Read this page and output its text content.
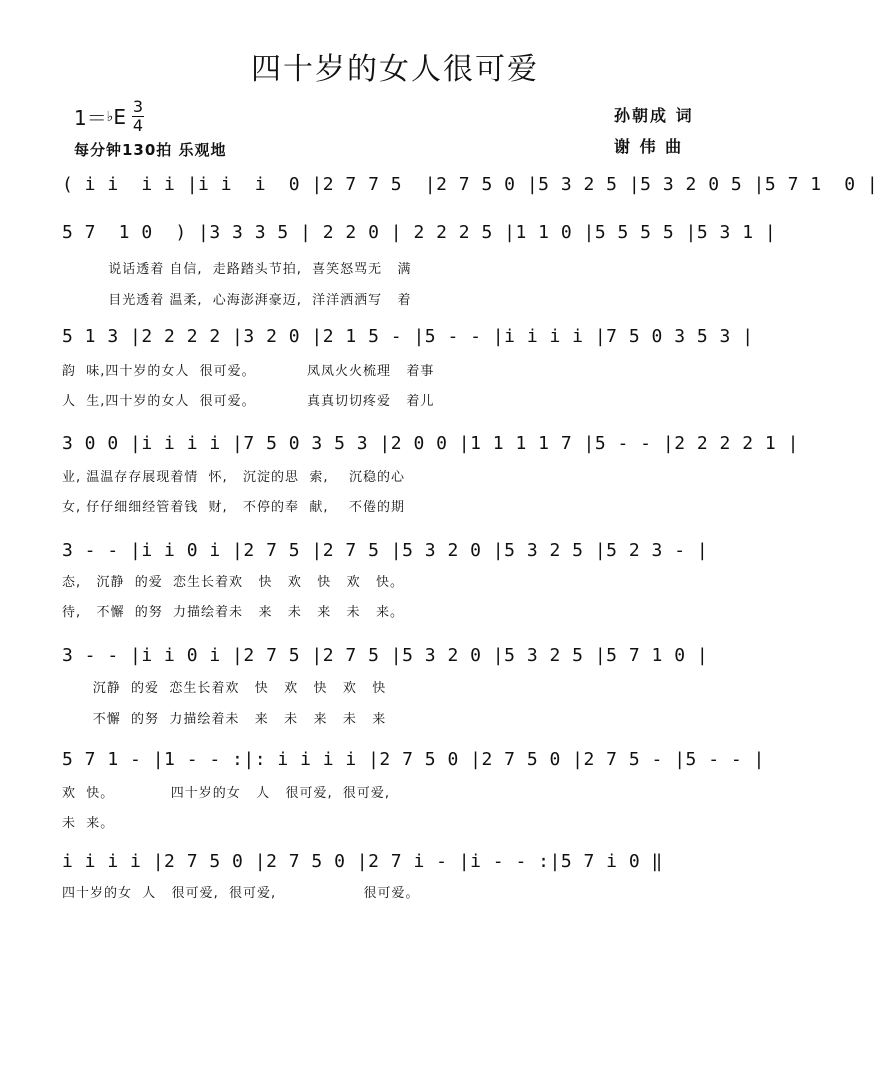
四十岁的女人很可爱
1＝ ♭ E $\frac{3}{4}$
每分钟130拍 乐观地
孙朝成 词
谢 伟 曲
( i i  i i |i i  i  0 |2 7 7 5  |2 7 5 0 |5 3 2 5 |5 3 2 0 5 |5 7 1  0 |
5 7  1 0  ) |3 3 3 5 | 2 2 0 | 2 2 2 5 |1 1 0 |5 5 5 5 |5 3 1 |
说话透着 自信,  走路踏头节拍,  喜笑怒骂无   满
目光透着 温柔,  心海澎湃豪迈,  洋洋洒洒写   着
5 1 3 |2 2 2 2 |3 2 0 |2 1 5 - |5 - - |i i i i |7 5 0 3 5 3 |
韵  味,四十岁的女人  很可爱。          凤凤火火梳理   着事
人  生,四十岁的女人  很可爱。          真真切切疼爱   着儿
3 0 0 |i i i i |7 5 0 3 5 3 |2 0 0 |1 1 1 1 7 |5 - - |2 2 2 2 1 |
业, 温温存存展现着情  怀,   沉淀的思  索,    沉稳的心
女, 仔仔细细经管着钱  财,   不停的奉  献,    不倦的期
3 - - |i i 0 i |2 7 5 |2 7 5 |5 3 2 0 |5 3 2 5 |5 2 3 - |
态,   沉静  的爱  恋生长着欢   快   欢   快   欢   快。
待,   不懈  的努  力描绘着未   来   未   来   未   来。
3 - - |i i 0 i |2 7 5 |2 7 5 |5 3 2 0 |5 3 2 5 |5 7 1 0 |
沉静  的爱  恋生长着欢   快   欢   快   欢   快
不懈  的努  力描绘着未   来   未   来   未   来
5 7 1 - |1 - - :|: i i i i |2 7 5 0 |2 7 5 0 |2 7 5 - |5 - - |
欢  快。           四十岁的女   人   很可爱,  很可爱,
未  来。
i i i i |2 7 5 0 |2 7 5 0 |2 7 i - |i - - :|5 7 i 0 ‖
四十岁的女  人   很可爱,  很可爱,                 很可爱。
